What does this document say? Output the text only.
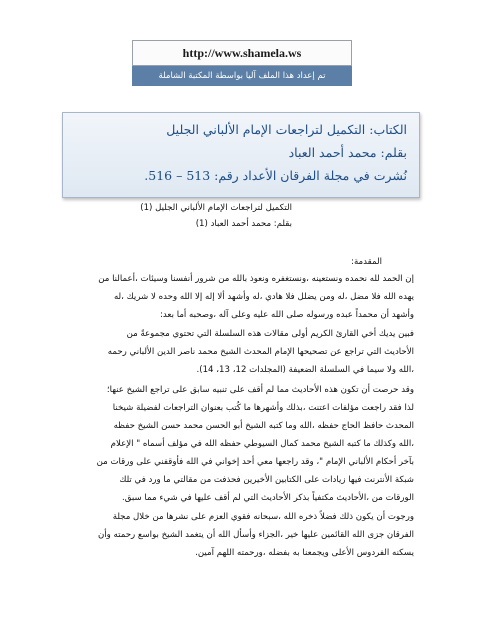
http://www.shamela.ws
تم إعداد هذا الملف آليا بواسطة المكتبة الشاملة
الكتاب: التكميل لتراجعات الإمام الألباني الجليل
بقلم: محمد أحمد العباد
نُشرت في مجلة الفرقان الأعداد رقم: 513 – 516.
التكميل لتراجعات الإمام الألباني الجليل (1)
بقلم: محمد أحمد العباد (1)
المقدمة:
إن الحمد لله نحمده ونستعينه ،ونستغفره ونعوذ بالله من شرور أنفسنا وسيئات ،أعمالنا من
يهده الله فلا مضل ،له ومن يضلل فلا هادي ،له وأشهد ألا إله إلا الله وحده لا شريك ،له
وأشهد أن محمداً عبده ورسوله صلى الله عليه وعلى آله ،وصحبه أما بعد:
فبين يديك أخي القارئ الكريم أولى مقالات هذه السلسلة التي تحتوي مجموعةً من
الأحاديث التي تراجع عن تصحيحها الإمام المحدث الشيخ محمد ناصر الدين الألباني رحمه
،الله ولا سيما في السلسلة الضعيفة (المجلدات 12، 13، 14).
وقد حرصت أن تكون هذه الأحاديث مما لم أقف على تنبيه سابق على تراجع الشيخ عنها؛
لذا فقد راجعت مؤلفات اعتنت ،بذلك وأشهرها ما كُتب بعنوان التراجعات لفضيلة شيخنا
المحدث حافظ الحاج حفظه ،الله وما كتبه الشيخ أبو الحسن محمد حسن الشيخ حفظه
،الله وكذلك ما كتبه الشيخ محمد كمال السيوطي حفظه الله في مؤلف أسماه " الإعلام
بآخر أحكام الألباني الإمام "، وقد راجعها معي أحد إخواني في الله فأوقفني على ورقات من
شبكة الأنترنت فيها زيادات على الكتابين الأخيرين فحذفت من مقالتي ما ورد في تلك
الورقات من ،الأحاديث مكتفياً بذكر الأحاديث التي لم أقف عليها في شيء مما سبق.
ورجوت أن يكون ذلك فضلاً ذخره الله ،سبحانه فقوي العزم على نشرها من خلال مجلة
الفرقان جزى الله القائمين عليها خير ،الجزاء وأسأل الله أن يتغمد الشيخ بواسع رحمته وأن
يسكنه الفردوس الأعلى ويجمعنا به بفضله ،ورحمته اللهم آمين.
